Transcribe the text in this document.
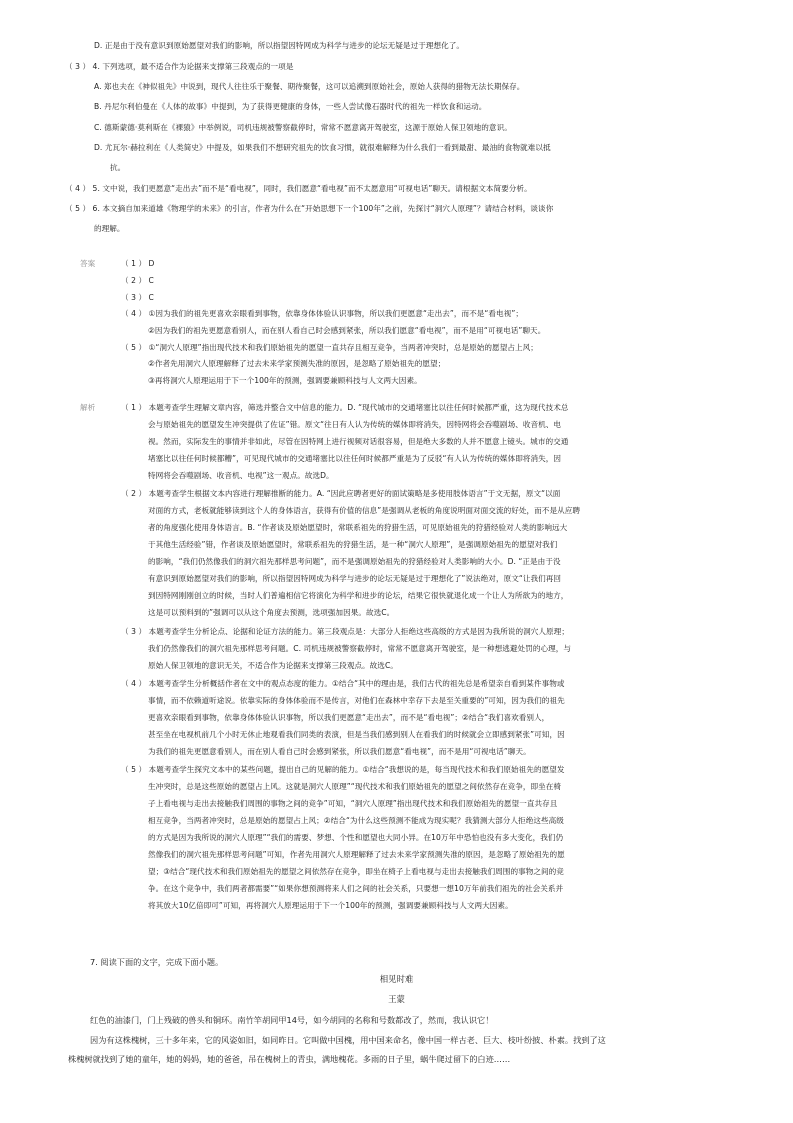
D. 正是由于没有意识到原始愿望对我们的影响，所以指望因特网成为科学与进步的论坛无疑是过于理想化了。
（ 3 ） 4. 下列选项，最不适合作为论据来支撑第三段观点的一项是
A. 郑也夫在《神似祖先》中说到，现代人往往乐于聚餐、期待聚餐，这可以追溯到原始社会，原始人获得的猎物无法长期保存。
B. 丹尼尔利伯曼在《人体的故事》中提到，为了获得更健康的身体，一些人尝试像石器时代的祖先一样饮食和运动。
C. 德斯蒙德·莫利斯在《裸猿》中举例说，司机违规被警察截停时，常常不愿意离开驾驶室，这源于原始人保卫领地的意识。
D. 尤瓦尔·赫拉利在《人类简史》中提及，如果我们不想研究祖先的饮食习惯，就很难解释为什么我们一看到最甜、最油的食物就难以抵
抗。
（ 4 ） 5. 文中说，我们更愿意“走出去”而不是“看电视”，同时，我们愿意“看电视”而不太愿意用“可视电话”聊天。请根据文本简要分析。
（ 5 ） 6. 本文摘自加来道雄《物理学的未来》的引言，作者为什么在“开始思想下一个100年”之前，先探讨“洞穴人原理”？请结合材料，谈谈你
的理解。
答案	（ 1 ） D
（ 2 ） C
（ 3 ） C
（ 4 ） ①因为我们的祖先更喜欢亲眼看到事物，依靠身体体验认识事物，所以我们更愿意“走出去”，而不是“看电视”；
②因为我们的祖先更愿意看别人，而在别人看自己时会感到紧张，所以我们愿意“看电视”，而不是用“可视电话”聊天。
（ 5 ） ①“洞穴人原理”指出现代技术和我们原始祖先的愿望一直共存且相互竞争，当两者冲突时，总是原始的愿望占上风；
②作者先用洞穴人原理解释了过去未来学家预测失准的原因，是忽略了原始祖先的愿望；
③再将洞穴人原理运用于下一个100年的预测，强调要兼顾科技与人文两大因素。
解析	（ 1 ） 本题考查学生理解文章内容，筛选并整合文中信息的能力。D. “现代城市的交通堵塞比以往任何时候都严重，这为现代技术总
会与原始祖先的愿望发生冲突提供了佐证”错。原文“往日有人认为传统的媒体即将消失，因特网将会吞噬剧场、收音机、电
视。然而，实际发生的事情并非如此，尽管在因特网上进行视频对话很容易，但是绝大多数的人并不愿意上镜头。城市的交通
堵塞比以往任何时候都糟”，可见现代城市的交通堵塞比以往任何时候都严重是为了反驳“有人认为传统的媒体即将消失，因
特网将会吞噬剧场、收音机、电视”这一观点。故选D。
（ 2 ） 本题考查学生根据文本内容进行理解推断的能力。A. “因此应聘者更好的面试策略是多使用肢体语言”于文无据，原文“以面
对面的方式，老板就能够读到这个人的身体语言，获得有价值的信息”是强调从老板的角度说明面对面交流的好处，而不是从应聘
者的角度强化使用身体语言。B. “作者谈及原始愿望时，常联系祖先的狩猎生活，可见原始祖先的狩猎经验对人类的影响远大
于其他生活经验”错，作者谈及原始愿望时，常联系祖先的狩猎生活，是一种“洞穴人原理”，是强调原始祖先的愿望对我们
的影响，“我们仍然像我们的洞穴祖先那样思考问题”，而不是强调原始祖先的狩猎经验对人类影响的大小。D. “正是由于没
有意识到原始愿望对我们的影响，所以指望因特网成为科学与进步的论坛无疑是过于理想化了”说法绝对，原文“让我们再回
到因特网刚刚创立的时候，当时人们普遍相信它将演化为科学和进步的论坛，结果它很快就退化成一个让人为所欲为的地方，
这是可以预料到的”强调可以从这个角度去预测，选项强加因果。故选C。
（ 3 ） 本题考查学生分析论点、论据和论证方法的能力。第三段观点是：大部分人拒绝这些高级的方式是因为我所说的洞穴人原理；
我们仍然像我们的洞穴祖先那样思考问题。C. 司机违规被警察截停时，常常不愿意离开驾驶室，是一种想逃避处罚的心理，与
原始人保卫领地的意识无关，不适合作为论据来支撑第三段观点。故选C。
（ 4 ） 本题考查学生分析概括作者在文中的观点态度的能力。①结合“其中的理由是，我们古代的祖先总是希望亲自看到某件事物或
事情，而不依赖道听途说。依靠实际的身体体验而不是传言，对他们在森林中幸存下去是至关重要的”可知，因为我们的祖先
更喜欢亲眼看到事物，依靠身体体验认识事物，所以我们更愿意“走出去”，而不是“看电视”；②结合“我们喜欢看别人，
甚至坐在电视机前几个小时无休止地观看我们同类的表演，但是当我们感到别人在看我们的时候就会立即感到紧张”可知，因
为我们的祖先更愿意看别人，而在别人看自己时会感到紧张，所以我们愿意“看电视”，而不是用“可视电话”聊天。
（ 5 ） 本题考查学生探究文本中的某些问题，提出自己的见解的能力。①结合“我想说的是，每当现代技术和我们原始祖先的愿望发
生冲突时，总是这些原始的愿望占上风。这就是洞穴人原理”“现代技术和我们原始祖先的愿望之间依然存在竞争，即坐在椅
子上看电视与走出去接触我们周围的事物之间的竞争”可知，“洞穴人原理”指出现代技术和我们原始祖先的愿望一直共存且
相互竞争，当两者冲突时，总是原始的愿望占上风；②结合“为什么这些预测不能成为现实呢？我猜测大部分人拒绝这些高级
的方式是因为我所说的洞穴人原理”“我们的需要、梦想、个性和愿望也大同小异。在10万年中恐怕也没有多大变化，我们仍
然像我们的洞穴祖先那样思考问题”可知，作者先用洞穴人原理解释了过去未来学家预测失准的原因，是忽略了原始祖先的愿
望；③结合“现代技术和我们原始祖先的愿望之间依然存在竞争，即坐在椅子上看电视与走出去接触我们周围的事物之间的竞
争。在这个竞争中，我们两者都需要”“如果你想预测将来人们之间的社会关系，只要想一想10万年前我们祖先的社会关系并
将其放大10亿倍即可”可知，再将洞穴人原理运用于下一个100年的预测，强调要兼顾科技与人文两大因素。
7. 阅读下面的文字，完成下面小题。
相见时难
王蒙
红色的油漆门，门上残破的兽头和铜环。南竹竿胡同甲14号，如今胡同的名称和号数都改了，然而，我认识它！
因为有这株槐树，三十多年来，它的风姿如旧，如同昨日。它叫做中国槐，用中国来命名，像中国一样古老、巨大、枝叶纷披、朴素。找到了这
株槐树就找到了她的童年，她的妈妈，她的爸爸，吊在槐树上的青虫，满地槐花。多雨的日子里，蜗牛爬过留下的白迹……
